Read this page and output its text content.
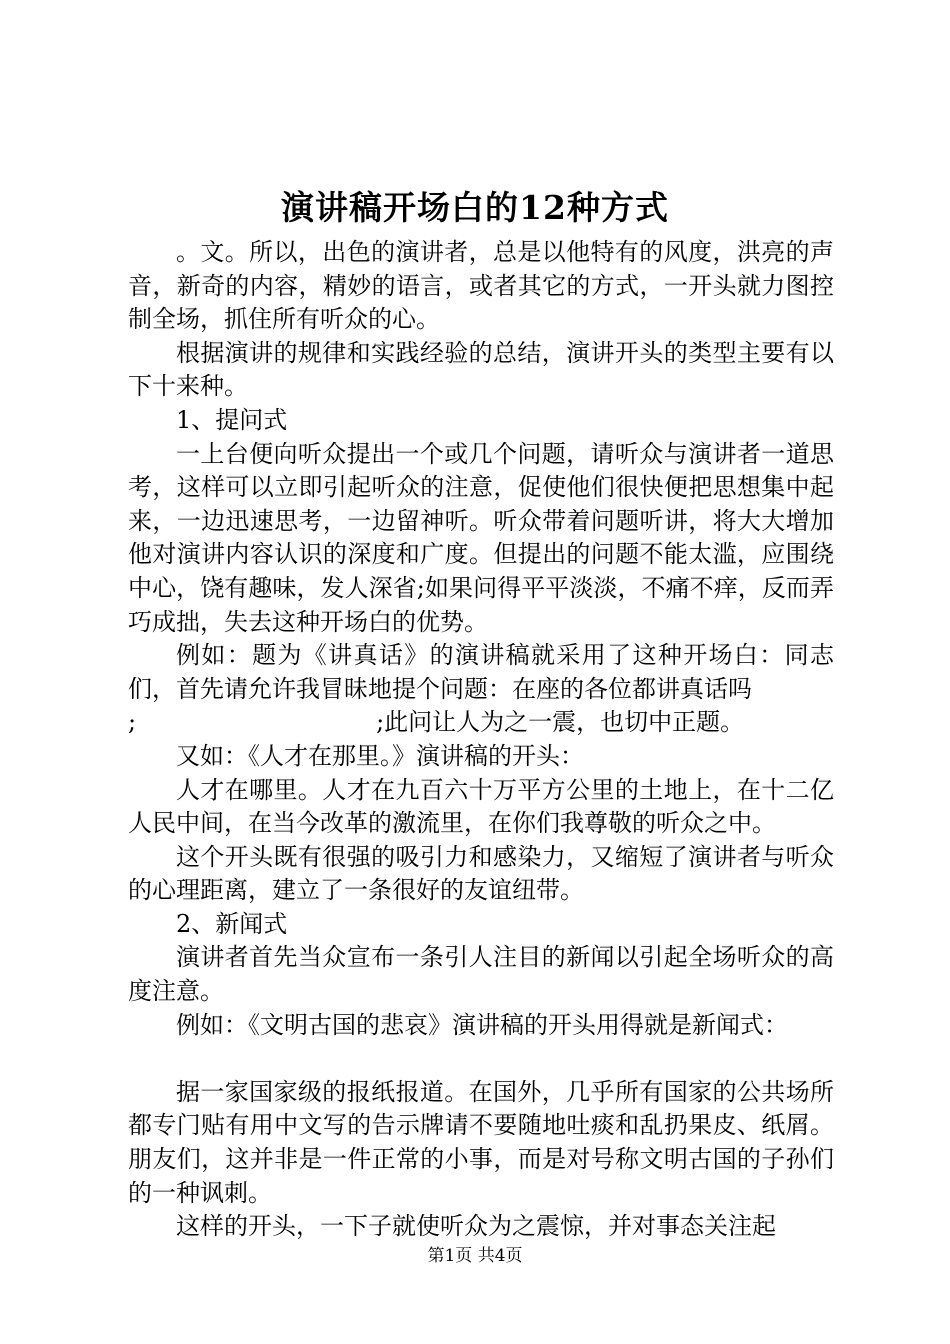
演讲稿开场白的12种方式

。文。所以，出色的演讲者，总是以他特有的风度，洪亮的声音，新奇的内容，精妙的语言，或者其它的方式，一开头就力图控制全场，抓住所有听众的心。

根据演讲的规律和实践经验的总结，演讲开头的类型主要有以下十来种。

1、提问式

一上台便向听众提出一个或几个问题，请听众与演讲者一道思考，这样可以立即引起听众的注意，促使他们很快便把思想集中起来，一边迅速思考，一边留神听。听众带着问题听讲，将大大增加他对演讲内容认识的深度和广度。但提出的问题不能太滥，应围绕中心，饶有趣味，发人深省;如果问得平平淡淡，不痛不痒，反而弄巧成拙，失去这种开场白的优势。

例如：题为《讲真话》的演讲稿就采用了这种开场白：同志们，首先请允许我冒昧地提个问题：在座的各位都讲真话吗

;　　　　　　　　　　;此问让人为之一震，也切中正题。

又如：《人才在那里。》演讲稿的开头：

人才在哪里。人才在九百六十万平方公里的土地上，在十二亿人民中间，在当今改革的激流里，在你们我尊敬的听众之中。

这个开头既有很强的吸引力和感染力，又缩短了演讲者与听众的心理距离，建立了一条很好的友谊纽带。

2、新闻式

演讲者首先当众宣布一条引人注目的新闻以引起全场听众的高度注意。

例如：《文明古国的悲哀》演讲稿的开头用得就是新闻式：

据一家国家级的报纸报道。在国外，几乎所有国家的公共场所都专门贴有用中文写的告示牌请不要随地吐痰和乱扔果皮、纸屑。朋友们，这并非是一件正常的小事，而是对号称文明古国的子孙们的一种讽刺。

这样的开头，一下子就使听众为之震惊，并对事态关注起

第1页 共4页
